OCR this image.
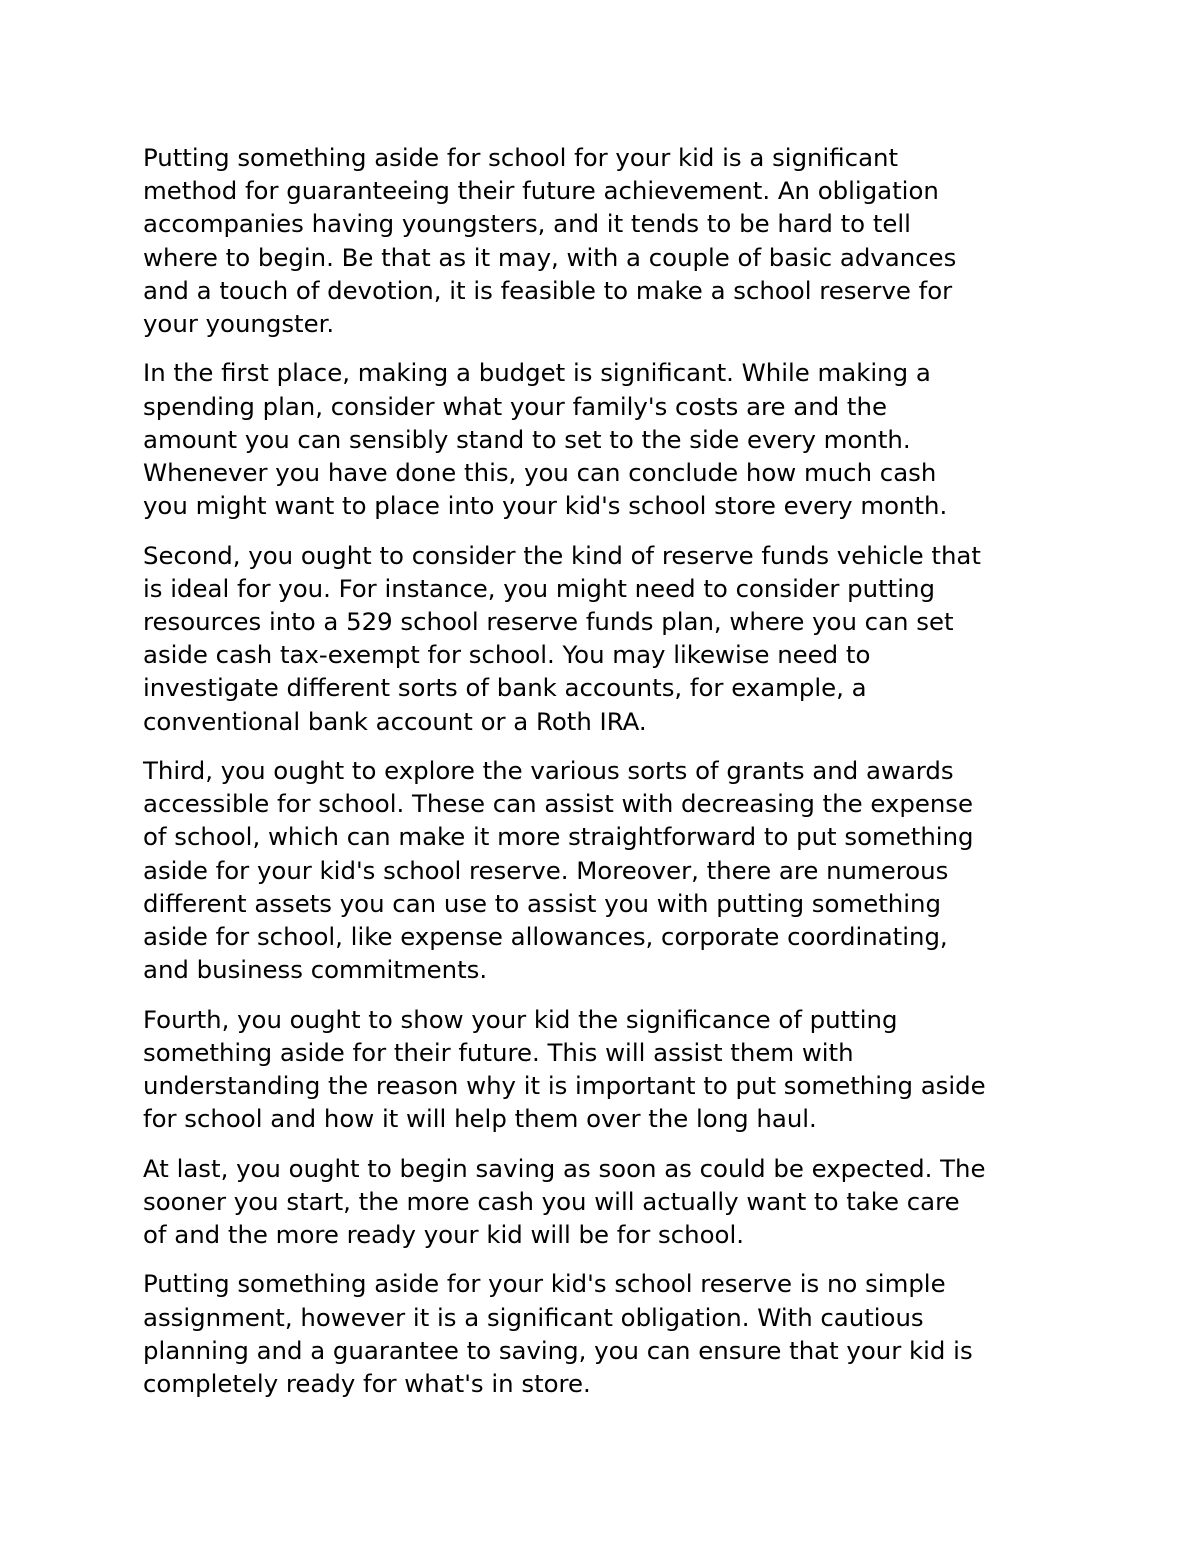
Putting something aside for school for your kid is a significant
method for guaranteeing their future achievement. An obligation
accompanies having youngsters, and it tends to be hard to tell
where to begin. Be that as it may, with a couple of basic advances
and a touch of devotion, it is feasible to make a school reserve for
your youngster.

In the first place, making a budget is significant. While making a
spending plan, consider what your family's costs are and the
amount you can sensibly stand to set to the side every month.
Whenever you have done this, you can conclude how much cash
you might want to place into your kid's school store every month.

Second, you ought to consider the kind of reserve funds vehicle that
is ideal for you. For instance, you might need to consider putting
resources into a 529 school reserve funds plan, where you can set
aside cash tax-exempt for school. You may likewise need to
investigate different sorts of bank accounts, for example, a
conventional bank account or a Roth IRA.

Third, you ought to explore the various sorts of grants and awards
accessible for school. These can assist with decreasing the expense
of school, which can make it more straightforward to put something
aside for your kid's school reserve. Moreover, there are numerous
different assets you can use to assist you with putting something
aside for school, like expense allowances, corporate coordinating,
and business commitments.

Fourth, you ought to show your kid the significance of putting
something aside for their future. This will assist them with
understanding the reason why it is important to put something aside
for school and how it will help them over the long haul.

At last, you ought to begin saving as soon as could be expected. The
sooner you start, the more cash you will actually want to take care
of and the more ready your kid will be for school.

Putting something aside for your kid's school reserve is no simple
assignment, however it is a significant obligation. With cautious
planning and a guarantee to saving, you can ensure that your kid is
completely ready for what's in store.
